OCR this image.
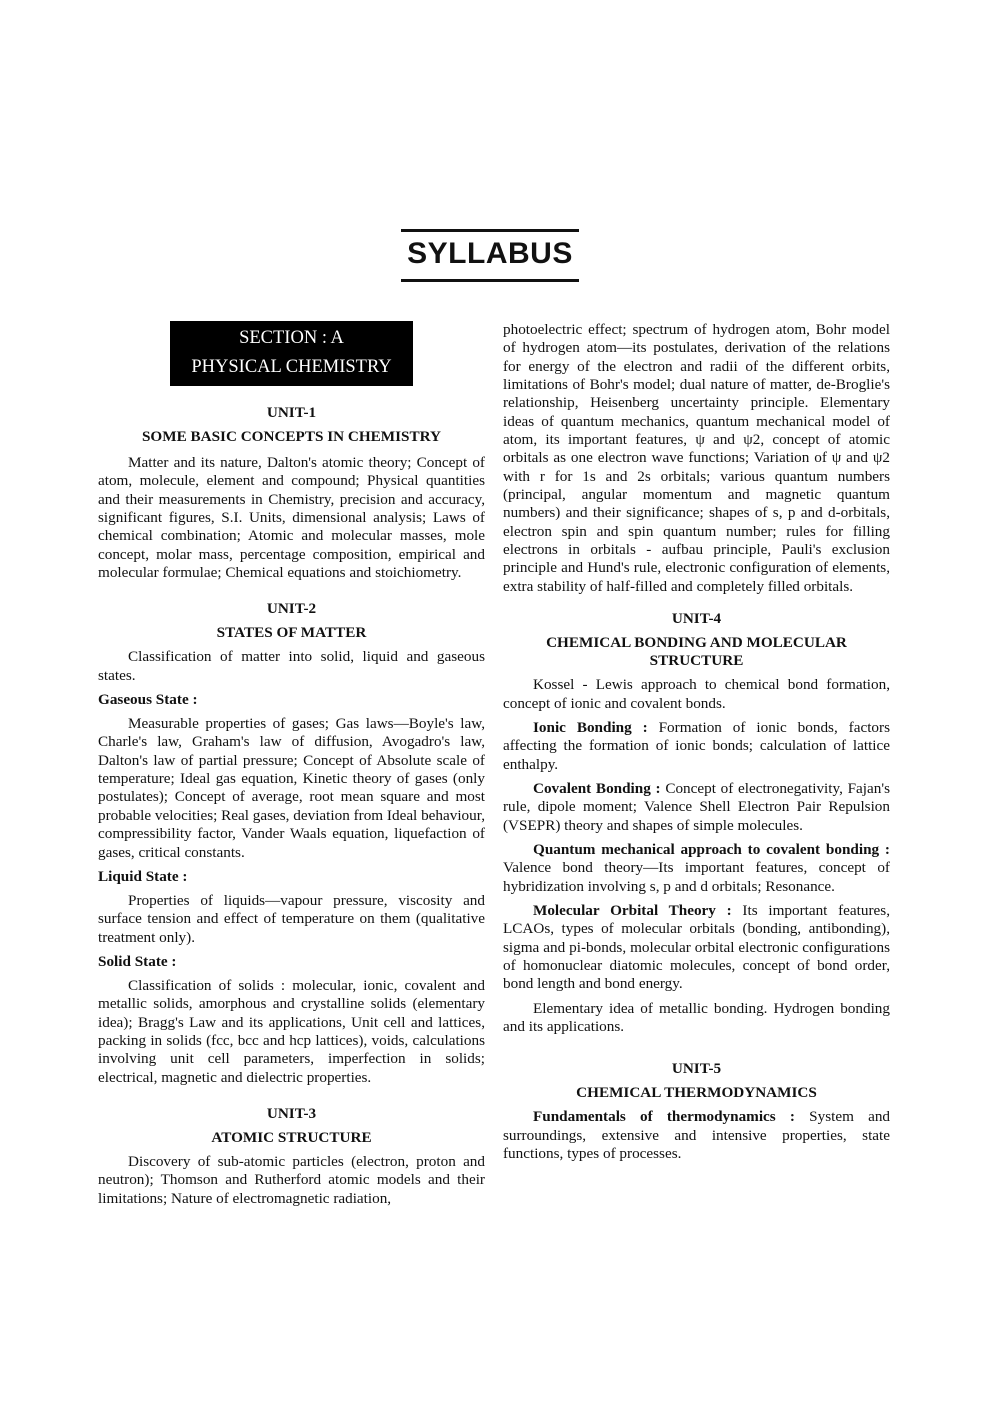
SYLLABUS
SECTION : A
PHYSICAL CHEMISTRY
UNIT-1
SOME BASIC CONCEPTS IN CHEMISTRY

Matter and its nature, Dalton's atomic theory; Concept of atom, molecule, element and compound; Physical quantities and their measurements in Chemistry, precision and accuracy, significant figures, S.I. Units, dimensional analysis; Laws of chemical combination; Atomic and molecular masses, mole concept, molar mass, percentage composition, empirical and molecular formulae; Chemical equations and stoichiometry.

UNIT-2
STATES OF MATTER

Classification of matter into solid, liquid and gaseous states.

Gaseous State :

Measurable properties of gases; Gas laws—Boyle's law, Charle's law, Graham's law of diffusion, Avogadro's law, Dalton's law of partial pressure; Concept of Absolute scale of temperature; Ideal gas equation, Kinetic theory of gases (only postulates); Concept of average, root mean square and most probable velocities; Real gases, deviation from Ideal behaviour, compressibility factor, Vander Waals equation, liquefaction of gases, critical constants.

Liquid State :

Properties of liquids—vapour pressure, viscosity and surface tension and effect of temperature on them (qualitative treatment only).

Solid State :

Classification of solids : molecular, ionic, covalent and metallic solids, amorphous and crystalline solids (elementary idea); Bragg's Law and its applications, Unit cell and lattices, packing in solids (fcc, bcc and hcp lattices), voids, calculations involving unit cell parameters, imperfection in solids; electrical, magnetic and dielectric properties.

UNIT-3
ATOMIC STRUCTURE

Discovery of sub-atomic particles (electron, proton and neutron); Thomson and Rutherford atomic models and their limitations; Nature of electromagnetic radiation,

photoelectric effect; spectrum of hydrogen atom, Bohr model of hydrogen atom—its postulates, derivation of the relations for energy of the electron and radii of the different orbits, limitations of Bohr's model; dual nature of matter, de-Broglie's relationship, Heisenberg uncertainty principle. Elementary ideas of quantum mechanics, quantum mechanical model of atom, its important features, ψ and ψ2, concept of atomic orbitals as one electron wave functions; Variation of ψ and ψ2 with r for 1s and 2s orbitals; various quantum numbers (principal, angular momentum and magnetic quantum numbers) and their significance; shapes of s, p and d-orbitals, electron spin and spin quantum number; rules for filling electrons in orbitals - aufbau principle, Pauli's exclusion principle and Hund's rule, electronic configuration of elements, extra stability of half-filled and completely filled orbitals.

UNIT-4
CHEMICAL BONDING AND MOLECULAR STRUCTURE

Kossel - Lewis approach to chemical bond formation, concept of ionic and covalent bonds.

Ionic Bonding : Formation of ionic bonds, factors affecting the formation of ionic bonds; calculation of lattice enthalpy.

Covalent Bonding : Concept of electronegativity, Fajan's rule, dipole moment; Valence Shell Electron Pair Repulsion (VSEPR) theory and shapes of simple molecules.

Quantum mechanical approach to covalent bonding : Valence bond theory—Its important features, concept of hybridization involving s, p and d orbitals; Resonance.

Molecular Orbital Theory : Its important features, LCAOs, types of molecular orbitals (bonding, antibonding), sigma and pi-bonds, molecular orbital electronic configurations of homonuclear diatomic molecules, concept of bond order, bond length and bond energy.

Elementary idea of metallic bonding. Hydrogen bonding and its applications.

UNIT-5
CHEMICAL THERMODYNAMICS

Fundamentals of thermodynamics : System and surroundings, extensive and intensive properties, state functions, types of processes.
